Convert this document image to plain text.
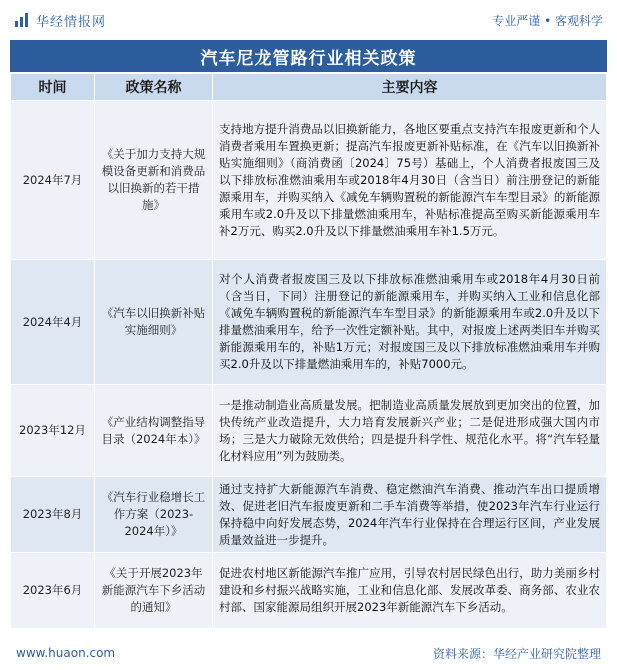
华经情报网	专业严谨 • 客观科学
汽车尼龙管路行业相关政策
时间	政策名称	主要内容
2024年7月	《关于加力支持大规模设备更新和消费品以旧换新的若干措施》	支持地方提升消费品以旧换新能力，各地区要重点支持汽车报废更新和个人消费者乘用车置换更新；提高汽车报废更新补贴标准，在《汽车以旧换新补贴实施细则》（商消费函〔2024〕75号）基础上，个人消费者报废国三及以下排放标准燃油乘用车或2018年4月30日（含当日）前注册登记的新能源乘用车，并购买纳入《减免车辆购置税的新能源汽车车型目录》的新能源乘用车或2.0升及以下排量燃油乘用车，补贴标准提高至购买新能源乘用车补2万元、购买2.0升及以下排量燃油乘用车补1.5万元。
2024年4月	《汽车以旧换新补贴实施细则》	对个人消费者报废国三及以下排放标准燃油乘用车或2018年4月30日前（含当日，下同）注册登记的新能源乘用车，并购买纳入工业和信息化部《减免车辆购置税的新能源汽车车型目录》的新能源乘用车或2.0升及以下排量燃油乘用车，给予一次性定额补贴。其中，对报废上述两类旧车并购买新能源乘用车的，补贴1万元；对报废国三及以下排放标准燃油乘用车并购买2.0升及以下排量燃油乘用车的，补贴7000元。
2023年12月	《产业结构调整指导目录（2024年本）》	一是推动制造业高质量发展。把制造业高质量发展放到更加突出的位置，加快传统产业改造提升，大力培育发展新兴产业；二是促进形成强大国内市场；三是大力破除无效供给；四是提升科学性、规范化水平。将“汽车轻量化材料应用”列为鼓励类。
2023年8月	《汽车行业稳增长工作方案（2023-2024年）》	通过支持扩大新能源汽车消费、稳定燃油汽车消费、推动汽车出口提质增效、促进老旧汽车报废更新和二手车消费等举措，使2023年汽车行业运行保持稳中向好发展态势，2024年汽车行业保持在合理运行区间，产业发展质量效益进一步提升。
2023年6月	《关于开展2023年新能源汽车下乡活动的通知》	促进农村地区新能源汽车推广应用，引导农村居民绿色出行，助力美丽乡村建设和乡村振兴战略实施，工业和信息化部、发展改革委、商务部、农业农村部、国家能源局组织开展2023年新能源汽车下乡活动。
www.huaon.com	资料来源：华经产业研究院整理
